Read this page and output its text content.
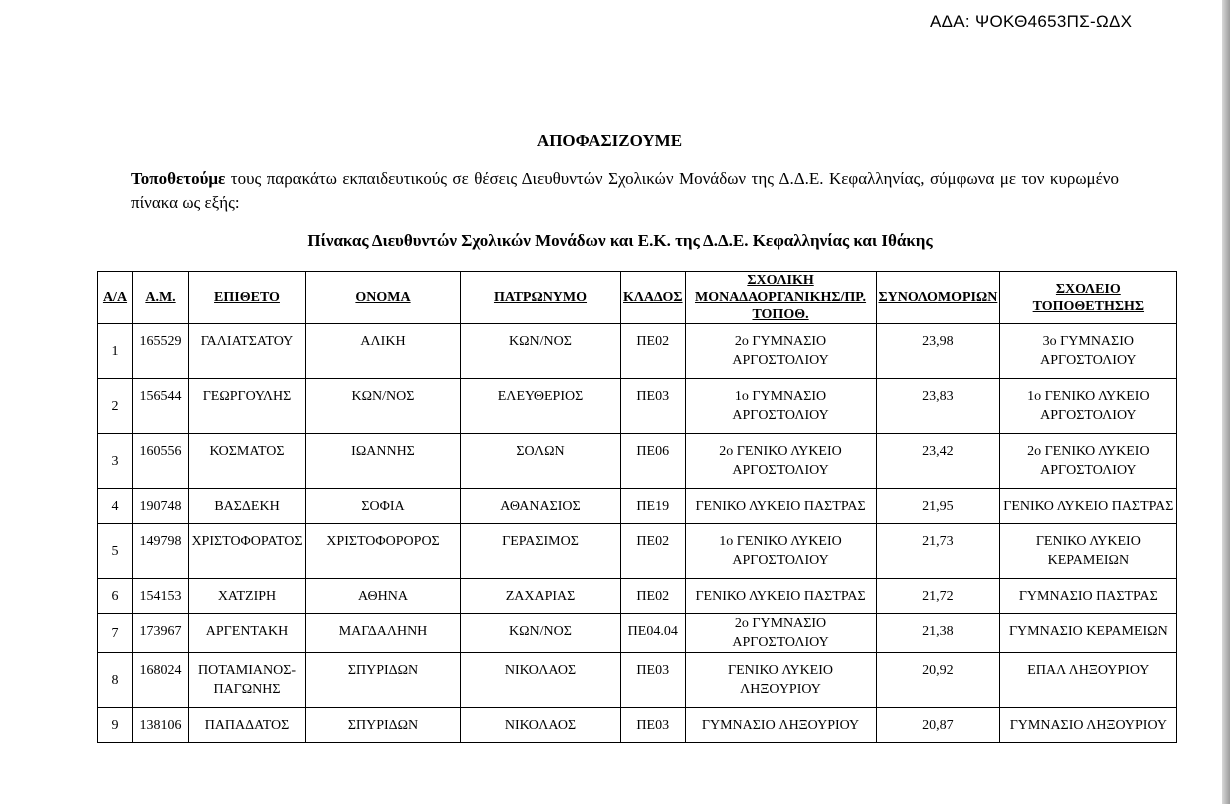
ΑΔΑ: ΨΟΚΘ4653ΠΣ-ΩΔΧ
ΑΠΟΦΑΣΙΖΟΥΜΕ
Τοποθετούμε τους παρακάτω εκπαιδευτικούς σε θέσεις Διευθυντών Σχολικών Μονάδων της Δ.Δ.Ε. Κεφαλληνίας, σύμφωνα με τον κυρωμένο πίνακα ως εξής:
Πίνακας Διευθυντών Σχολικών Μονάδων και Ε.Κ. της Δ.Δ.Ε. Κεφαλληνίας και Ιθάκης
Α/Α	Α.Μ.	ΕΠΙΘΕΤΟ	ΟΝΟΜΑ	ΠΑΤΡΩΝΥΜΟ	ΚΛΑΔΟΣ	ΣΧΟΛΙΚΗ ΜΟΝΑΔΑΟΡΓΑΝΙΚΗΣ/ΠΡ. ΤΟΠΟΘ.	ΣΥΝΟΛΟΜΟΡΙΩΝ	ΣΧΟΛΕΙΟ ΤΟΠΟΘΕΤΗΣΗΣ
1	165529	ΓΑΛΙΑΤΣΑΤΟΥ	ΑΛΙΚΗ	ΚΩΝ/ΝΟΣ	ΠΕ02	2ο ΓΥΜΝΑΣΙΟ ΑΡΓΟΣΤΟΛΙΟΥ	23,98	3ο ΓΥΜΝΑΣΙΟ
ΑΡΓΟΣΤΟΛΙΟΥ

2	156544	ΓΕΩΡΓΟΥΛΗΣ	ΚΩΝ/ΝΟΣ	ΕΛΕΥΘΕΡΙΟΣ	ΠΕ03	1ο ΓΥΜΝΑΣΙΟ ΑΡΓΟΣΤΟΛΙΟΥ	23,83	1ο ΓΕΝΙΚΟ ΛΥΚΕΙΟ
ΑΡΓΟΣΤΟΛΙΟΥ

3	160556	ΚΟΣΜΑΤΟΣ	ΙΩΑΝΝΗΣ	ΣΟΛΩΝ	ΠΕ06	2ο ΓΕΝΙΚΟ ΛΥΚΕΙΟ
ΑΡΓΟΣΤΟΛΙΟΥ	23,42	2ο ΓΕΝΙΚΟ ΛΥΚΕΙΟ
ΑΡΓΟΣΤΟΛΙΟΥ

4	190748	ΒΑΣΔΕΚΗ	ΣΟΦΙΑ	ΑΘΑΝΑΣΙΟΣ	ΠΕ19	ΓΕΝΙΚΟ ΛΥΚΕΙΟ ΠΑΣΤΡΑΣ	21,95	ΓΕΝΙΚΟ ΛΥΚΕΙΟ ΠΑΣΤΡΑΣ

5	149798	ΧΡΙΣΤΟΦΟΡΑΤΟΣ	ΧΡΙΣΤΟΦΟΡΟΡΟΣ	ΓΕΡΑΣΙΜΟΣ	ΠΕ02	1ο ΓΕΝΙΚΟ ΛΥΚΕΙΟ
ΑΡΓΟΣΤΟΛΙΟΥ	21,73	ΓΕΝΙΚΟ ΛΥΚΕΙΟ
ΚΕΡΑΜΕΙΩΝ

6	154153	ΧΑΤΖΙΡΗ	ΑΘΗΝΑ	ΖΑΧΑΡΙΑΣ	ΠΕ02	ΓΕΝΙΚΟ ΛΥΚΕΙΟ ΠΑΣΤΡΑΣ	21,72	ΓΥΜΝΑΣΙΟ ΠΑΣΤΡΑΣ

7	173967	ΑΡΓΕΝΤΑΚΗ	ΜΑΓΔΑΛΗΝΗ	ΚΩΝ/ΝΟΣ	ΠΕ04.04	2ο ΓΥΜΝΑΣΙΟ ΑΡΓΟΣΤΟΛΙΟΥ	21,38	ΓΥΜΝΑΣΙΟ ΚΕΡΑΜΕΙΩΝ

8	168024	ΠΟΤΑΜΙΑΝΟΣ-
ΠΑΓΩΝΗΣ	ΣΠΥΡΙΔΩΝ	ΝΙΚΟΛΑΟΣ	ΠΕ03	ΓΕΝΙΚΟ ΛΥΚΕΙΟ ΛΗΞΟΥΡΙΟΥ	20,92	ΕΠΑΛ ΛΗΞΟΥΡΙΟΥ

9	138106	ΠΑΠΑΔΑΤΟΣ	ΣΠΥΡΙΔΩΝ	ΝΙΚΟΛΑΟΣ	ΠΕ03	ΓΥΜΝΑΣΙΟ ΛΗΞΟΥΡΙΟΥ	20,87	ΓΥΜΝΑΣΙΟ ΛΗΞΟΥΡΙΟΥ
